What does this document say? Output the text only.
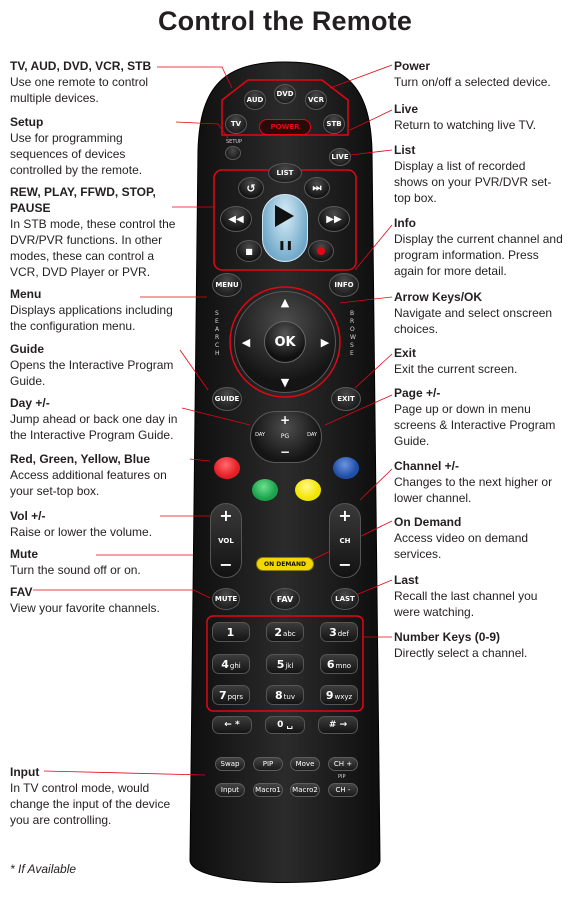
Control the Remote
TV, AUD, DVD, VCR, STB
Use one remote to control multiple devices.
Setup
Use for programming sequences of devices controlled by the remote.
REW, PLAY, FFWD, STOP, PAUSE
In STB mode, these control the DVR/PVR functions. In other modes, these can control a VCR, DVD Player or PVR.
Menu
Displays applications including the configuration menu.
Guide
Opens the Interactive Program Guide.
Day +/-
Jump ahead or back one day in the Interactive Program Guide.
Red, Green, Yellow, Blue
Access additional features on your set-top box.
Vol +/-
Raise or lower the volume.
Mute
Turn the sound off or on.
FAV
View your favorite channels.
Input
In TV control mode, would change the input of the device you are controlling.
Power
Turn on/off a selected device.
Live
Return to watching live TV.
List
Display a list of recorded shows on your PVR/DVR set-top box.
Info
Display the current channel and program information. Press again for more detail.
Arrow Keys/OK
Navigate and select onscreen choices.
Exit
Exit the current screen.
Page +/-
Page up or down in menu screens & Interactive Program Guide.
Channel +/-
Changes to the next higher or lower channel.
On Demand
Access video on demand services.
Last
Recall the last channel you were watching.
Number Keys (0-9)
Directly select a channel.
* If Available
AUD
DVD
VCR
TV	STB
POWER
SETUP
LIVE
LIST
↺	⏭
◀◀	▶▶
❚❚
■
MENU	INFO
▲
▼
◀	▶
OK
SEARCH
BROWSE
GUIDE	EXIT
+
−
PG
DAY	DAY
+
VOL
−
+
CH
−
ON DEMAND
MUTE	FAV	LAST
1	2 abc	3 def
4 ghi	5 jkl	6 mno
7 pqrs	8 tuv	9 wxyz
← *	0 ␣	# →
Swap	PIP	Move	CH +
PIP
Input	Macro1	Macro2	CH -
